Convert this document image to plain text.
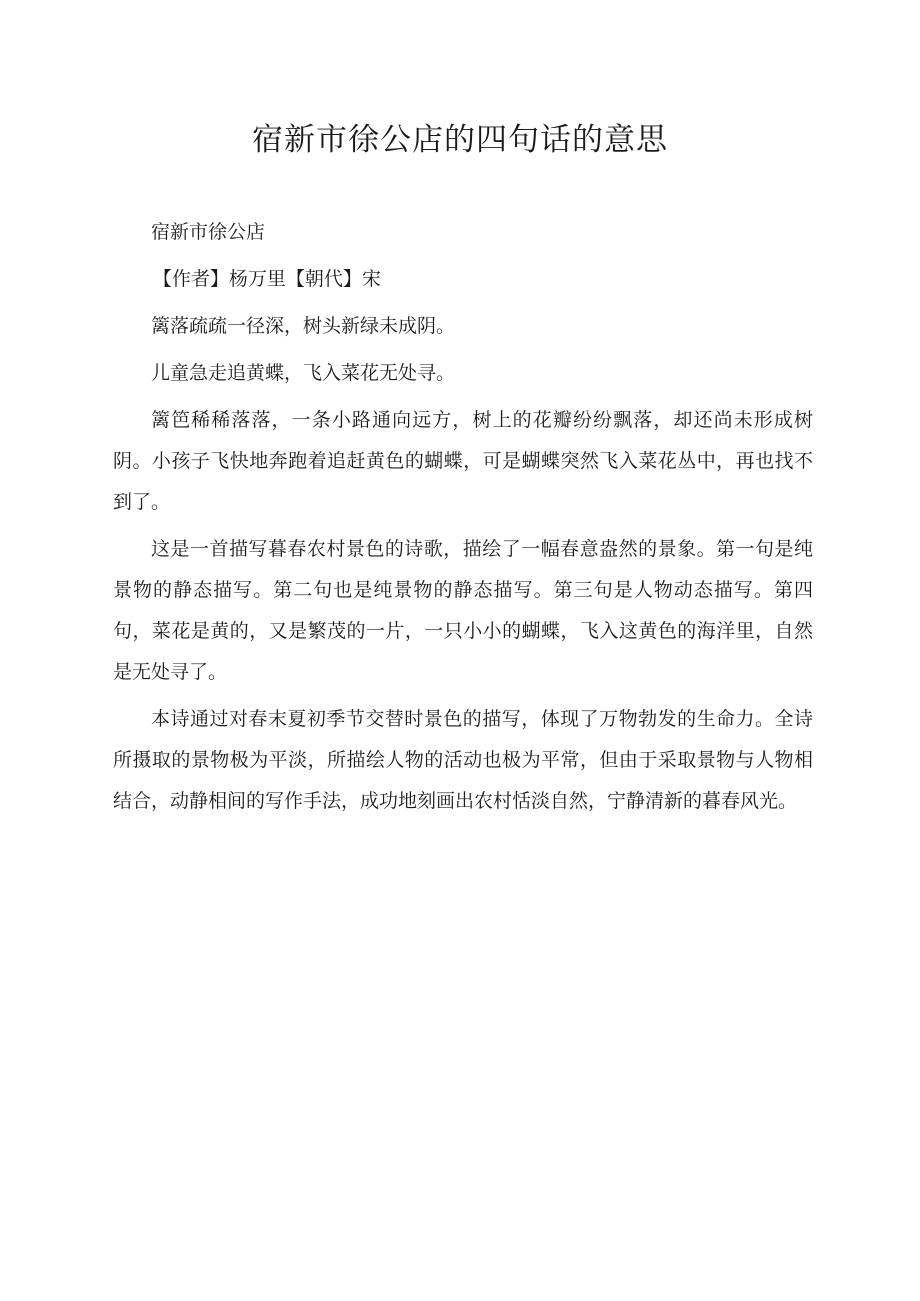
宿新市徐公店的四句话的意思

宿新市徐公店

【作者】杨万里【朝代】宋

篱落疏疏一径深，树头新绿未成阴。

儿童急走追黄蝶，飞入菜花无处寻。

篱笆稀稀落落，一条小路通向远方，树上的花瓣纷纷飘落，却还尚未形成树阴。小孩子飞快地奔跑着追赶黄色的蝴蝶，可是蝴蝶突然飞入菜花丛中，再也找不到了。

这是一首描写暮春农村景色的诗歌，描绘了一幅春意盎然的景象。第一句是纯景物的静态描写。第二句也是纯景物的静态描写。第三句是人物动态描写。第四句，菜花是黄的，又是繁茂的一片，一只小小的蝴蝶，飞入这黄色的海洋里，自然是无处寻了。

本诗通过对春末夏初季节交替时景色的描写，体现了万物勃发的生命力。全诗所摄取的景物极为平淡，所描绘人物的活动也极为平常，但由于采取景物与人物相结合，动静相间的写作手法，成功地刻画出农村恬淡自然，宁静清新的暮春风光。
